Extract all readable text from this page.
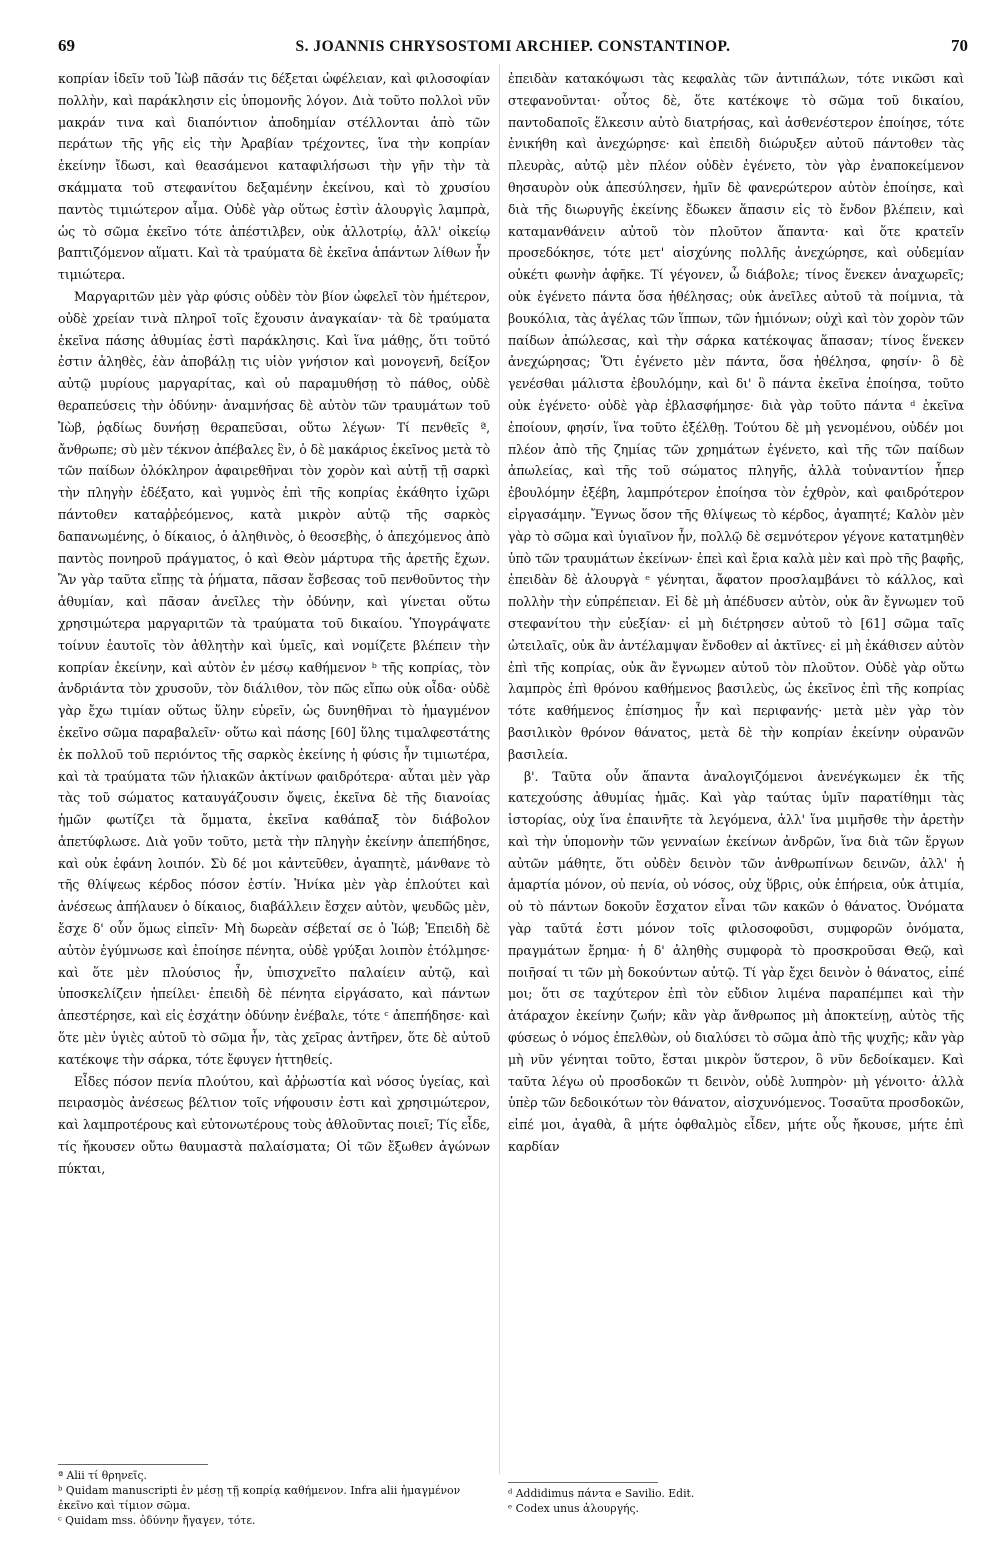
69	S. JOANNIS CHRYSOSTOMI ARCHIEP. CONSTANTINOP.	70

κοπρίαν ἰδεῖν τοῦ Ἰὼβ πᾶσάν τις δέξεται ὠφέλειαν, καὶ φιλοσοφίαν πολλὴν, καὶ παράκλησιν εἰς ὑπομονῆς λόγον. Διὰ τοῦτο πολλοὶ νῦν μακράν τινα καὶ διαπόντιον ἀποδημίαν στέλλονται ἀπὸ τῶν περάτων τῆς γῆς εἰς τὴν Ἀραβίαν τρέχοντες, ἵνα τὴν κοπρίαν ἐκείνην ἴδωσι, καὶ θεασάμενοι καταφιλήσωσι τὴν γῆν τὴν τὰ σκάμματα τοῦ στεφανίτου δεξαμένην ἐκείνου, καὶ τὸ χρυσίου παντὸς τιμιώτερον αἷμα. Οὐδὲ γὰρ οὕτως ἐστὶν ἁλουργὶς λαμπρὰ, ὡς τὸ σῶμα ἐκεῖνο τότε ἀπέστιλβεν, οὐκ ἀλλοτρίῳ, ἀλλ' οἰκείῳ βαπτιζόμενον αἵματι. Καὶ τὰ τραύματα δὲ ἐκεῖνα ἁπάντων λίθων ἦν τιμιώτερα.

Μαργαριτῶν μὲν γὰρ φύσις οὐδὲν τὸν βίον ὠφελεῖ τὸν ἡμέτερον, οὐδὲ χρείαν τινὰ πληροῖ τοῖς ἔχουσιν ἀναγκαίαν· τὰ δὲ τραύματα ἐκεῖνα πάσης ἀθυμίας ἐστὶ παράκλησις. Καὶ ἵνα μάθῃς, ὅτι τοῦτό ἐστιν ἀληθὲς, ἐὰν ἀποβάλῃ τις υἱὸν γνήσιον καὶ μονογενῆ, δείξον αὐτῷ μυρίους μαργαρίτας, καὶ οὐ παραμυθήσῃ τὸ πάθος, οὐδὲ θεραπεύσεις τὴν ὀδύνην· ἀναμνήσας δὲ αὐτὸν τῶν τραυμάτων τοῦ Ἰὼβ, ῥᾳδίως δυνήσῃ θεραπεῦσαι, οὕτω λέγων· Τί πενθεῖς ª, ἄνθρωπε; σὺ μὲν τέκνον ἀπέβαλες ἓν, ὁ δὲ μακάριος ἐκεῖνος μετὰ τὸ τῶν παίδων ὁλόκληρον ἀφαιρεθῆναι τὸν χορὸν καὶ αὐτῇ τῇ σαρκὶ τὴν πληγὴν ἐδέξατο, καὶ γυμνὸς ἐπὶ τῆς κοπρίας ἐκάθητο ἰχῶρι πάντοθεν καταῤῥεόμενος, κατὰ μικρὸν αὐτῷ τῆς σαρκὸς δαπανωμένης, ὁ δίκαιος, ὁ ἀληθινὸς, ὁ θεοσεβὴς, ὁ ἀπεχόμενος ἀπὸ παντὸς πονηροῦ πράγματος, ὁ καὶ Θεὸν μάρτυρα τῆς ἀρετῆς ἔχων. Ἂν γὰρ ταῦτα εἴπῃς τὰ ῥήματα, πᾶσαν ἔσβεσας τοῦ πενθοῦντος τὴν ἀθυμίαν, καὶ πᾶσαν ἀνεῖλες τὴν ὀδύνην, καὶ γίνεται οὕτω χρησιμώτερα μαργαριτῶν τὰ τραύματα τοῦ δικαίου. Ὑπογράψατε τοίνυν ἑαυτοῖς τὸν ἀθλητὴν καὶ ὑμεῖς, καὶ νομίζετε βλέπειν τὴν κοπρίαν ἐκείνην, καὶ αὐτὸν ἐν μέσῳ καθήμενον ᵇ τῆς κοπρίας, τὸν ἀνδριάντα τὸν χρυσοῦν, τὸν διάλιθον, τὸν πῶς εἴπω οὐκ οἶδα· οὐδὲ γὰρ ἔχω τιμίαν οὕτως ὕλην εὑρεῖν, ὡς δυνηθῆναι τὸ ἡμαγμένον ἐκεῖνο σῶμα παραβαλεῖν· οὕτω καὶ πάσης [60] ὕλης τιμαλφεστάτης ἐκ πολλοῦ τοῦ περιόντος τῆς σαρκὸς ἐκείνης ἡ φύσις ἦν τιμιωτέρα, καὶ τὰ τραύματα τῶν ἡλιακῶν ἀκτίνων φαιδρότερα· αὗται μὲν γὰρ τὰς τοῦ σώματος καταυγάζουσιν ὄψεις, ἐκεῖνα δὲ τῆς διανοίας ἡμῶν φωτίζει τὰ ὄμματα, ἐκεῖνα καθάπαξ τὸν διάβολον ἀπετύφλωσε. Διὰ γοῦν τοῦτο, μετὰ τὴν πληγὴν ἐκείνην ἀπεπήδησε, καὶ οὐκ ἐφάνη λοιπόν. Σὺ δέ μοι κἀντεῦθεν, ἀγαπητὲ, μάνθανε τὸ τῆς θλίψεως κέρδος πόσον ἐστίν. Ἡνίκα μὲν γὰρ ἐπλούτει καὶ ἀνέσεως ἀπήλαυεν ὁ δίκαιος, διαβάλλειν ἔσχεν αὐτὸν, ψευδῶς μὲν, ἔσχε δ' οὖν ὅμως εἰπεῖν· Μὴ δωρεὰν σέβεταί σε ὁ Ἰώβ; Ἐπειδὴ δὲ αὐτὸν ἐγύμνωσε καὶ ἐποίησε πένητα, οὐδὲ γρύξαι λοιπὸν ἐτόλμησε· καὶ ὅτε μὲν πλούσιος ἦν, ὑπισχνεῖτο παλαίειν αὐτῷ, καὶ ὑποσκελίζειν ἠπείλει· ἐπειδὴ δὲ πένητα εἰργάσατο, καὶ πάντων ἀπεστέρησε, καὶ εἰς ἐσχάτην ὀδύνην ἐνέβαλε, τότε ᶜ ἀπεπήδησε· καὶ ὅτε μὲν ὑγιὲς αὐτοῦ τὸ σῶμα ἦν, τὰς χεῖρας ἀντῆρεν, ὅτε δὲ αὐτοῦ κατέκοψε τὴν σάρκα, τότε ἔφυγεν ἡττηθείς.

Εἶδες πόσον πενία πλούτου, καὶ ἀῤῥωστία καὶ νόσος ὑγείας, καὶ πειρασμὸς ἀνέσεως βέλτιον τοῖς νήφουσιν ἐστι καὶ χρησιμώτερον, καὶ λαμπροτέρους καὶ εὐτονωτέρους τοὺς ἀθλοῦντας ποιεῖ; Τίς εἶδε, τίς ἤκουσεν οὕτω θαυμαστὰ παλαίσματα; Οἱ τῶν ἔξωθεν ἀγώνων πύκται,

ἐπειδὰν κατακόψωσι τὰς κεφαλὰς τῶν ἀντιπάλων, τότε νικῶσι καὶ στεφανοῦνται· οὗτος δὲ, ὅτε κατέκοψε τὸ σῶμα τοῦ δικαίου, παντοδαποῖς ἕλκεσιν αὐτὸ διατρήσας, καὶ ἀσθενέστερον ἐποίησε, τότε ἐνικήθη καὶ ἀνεχώρησε· καὶ ἐπειδὴ διώρυξεν αὐτοῦ πάντοθεν τὰς πλευρὰς, αὐτῷ μὲν πλέον οὐδὲν ἐγένετο, τὸν γὰρ ἐναποκείμενον θησαυρὸν οὐκ ἀπεσύλησεν, ἡμῖν δὲ φανερώτερον αὐτὸν ἐποίησε, καὶ διὰ τῆς διωρυγῆς ἐκείνης ἔδωκεν ἅπασιν εἰς τὸ ἔνδον βλέπειν, καὶ καταμανθάνειν αὐτοῦ τὸν πλοῦτον ἅπαντα· καὶ ὅτε κρατεῖν προσεδόκησε, τότε μετ' αἰσχύνης πολλῆς ἀνεχώρησε, καὶ οὐδεμίαν οὐκέτι φωνὴν ἀφῆκε. Τί γέγονεν, ὦ διάβολε; τίνος ἕνεκεν ἀναχωρεῖς; οὐκ ἐγένετο πάντα ὅσα ἠθέλησας; οὐκ ἀνεῖλες αὐτοῦ τὰ ποίμνια, τὰ βουκόλια, τὰς ἀγέλας τῶν ἵππων, τῶν ἡμιόνων; οὐχὶ καὶ τὸν χορὸν τῶν παίδων ἀπώλεσας, καὶ τὴν σάρκα κατέκοψας ἅπασαν; τίνος ἕνεκεν ἀνεχώρησας; Ὅτι ἐγένετο μὲν πάντα, ὅσα ἠθέλησα, φησίν· ὃ δὲ γενέσθαι μάλιστα ἐβουλόμην, καὶ δι' ὃ πάντα ἐκεῖνα ἐποίησα, τοῦτο οὐκ ἐγένετο· οὐδὲ γὰρ ἐβλασφήμησε· διὰ γὰρ τοῦτο πάντα ᵈ ἐκεῖνα ἐποίουν, φησίν, ἵνα τοῦτο ἐξέλθῃ. Τούτου δὲ μὴ γενομένου, οὐδέν μοι πλέον ἀπὸ τῆς ζημίας τῶν χρημάτων ἐγένετο, καὶ τῆς τῶν παίδων ἀπωλείας, καὶ τῆς τοῦ σώματος πληγῆς, ἀλλὰ τοὐναντίον ἧπερ ἐβουλόμην ἐξέβη, λαμπρότερον ἐποίησα τὸν ἐχθρὸν, καὶ φαιδρότερον εἰργασάμην. Ἔγνως ὅσον τῆς θλίψεως τὸ κέρδος, ἀγαπητέ; Καλὸν μὲν γὰρ τὸ σῶμα καὶ ὑγιαῖνον ἦν, πολλῷ δὲ σεμνότερον γέγονε κατατμηθὲν ὑπὸ τῶν τραυμάτων ἐκείνων· ἐπεὶ καὶ ἔρια καλὰ μὲν καὶ πρὸ τῆς βαφῆς, ἐπειδὰν δὲ ἁλουργὰ ᵉ γένηται, ἄφατον προσλαμβάνει τὸ κάλλος, καὶ πολλὴν τὴν εὐπρέπειαν. Εἰ δὲ μὴ ἀπέδυσεν αὐτὸν, οὐκ ἂν ἔγνωμεν τοῦ στεφανίτου τὴν εὐεξίαν· εἰ μὴ διέτρησεν αὐτοῦ τὸ [61] σῶμα ταῖς ὠτειλαῖς, οὐκ ἂν ἀντέλαμψαν ἔνδοθεν αἱ ἀκτῖνες· εἰ μὴ ἐκάθισεν αὐτὸν ἐπὶ τῆς κοπρίας, οὐκ ἂν ἔγνωμεν αὐτοῦ τὸν πλοῦτον. Οὐδὲ γὰρ οὕτω λαμπρὸς ἐπὶ θρόνου καθήμενος βασιλεὺς, ὡς ἐκεῖνος ἐπὶ τῆς κοπρίας τότε καθήμενος ἐπίσημος ἦν καὶ περιφανής· μετὰ μὲν γὰρ τὸν βασιλικὸν θρόνον θάνατος, μετὰ δὲ τὴν κοπρίαν ἐκείνην οὐρανῶν βασιλεία.

β'. Ταῦτα οὖν ἅπαντα ἀναλογιζόμενοι ἀνενέγκωμεν ἐκ τῆς κατεχούσης ἀθυμίας ἡμᾶς. Καὶ γὰρ ταύτας ὑμῖν παρατίθημι τὰς ἱστορίας, οὐχ ἵνα ἐπαινῆτε τὰ λεγόμενα, ἀλλ' ἵνα μιμῆσθε τὴν ἀρετὴν καὶ τὴν ὑπομονὴν τῶν γενναίων ἐκείνων ἀνδρῶν, ἵνα διὰ τῶν ἔργων αὐτῶν μάθητε, ὅτι οὐδὲν δεινὸν τῶν ἀνθρωπίνων δεινῶν, ἀλλ' ἡ ἁμαρτία μόνον, οὐ πενία, οὐ νόσος, οὐχ ὕβρις, οὐκ ἐπήρεια, οὐκ ἀτιμία, οὐ τὸ πάντων δοκοῦν ἔσχατον εἶναι τῶν κακῶν ὁ θάνατος. Ὀνόματα γὰρ ταῦτά ἐστι μόνον τοῖς φιλοσοφοῦσι, συμφορῶν ὀνόματα, πραγμάτων ἔρημα· ἡ δ' ἀληθὴς συμφορὰ τὸ προσκροῦσαι Θεῷ, καὶ ποιῆσαί τι τῶν μὴ δοκούντων αὐτῷ. Τί γὰρ ἔχει δεινὸν ὁ θάνατος, εἰπέ μοι; ὅτι σε ταχύτερον ἐπὶ τὸν εὔδιον λιμένα παραπέμπει καὶ τὴν ἀτάραχον ἐκείνην ζωήν; κἂν γὰρ ἄνθρωπος μὴ ἀποκτείνῃ, αὐτὸς τῆς φύσεως ὁ νόμος ἐπελθὼν, οὐ διαλύσει τὸ σῶμα ἀπὸ τῆς ψυχῆς; κἂν γὰρ μὴ νῦν γένηται τοῦτο, ἔσται μικρὸν ὕστερον, ὃ νῦν δεδοίκαμεν. Καὶ ταῦτα λέγω οὐ προσδοκῶν τι δεινὸν, οὐδὲ λυπηρὸν· μὴ γένοιτο· ἀλλὰ ὑπὲρ τῶν δεδοικότων τὸν θάνατον, αἰσχυνόμενος. Τοσαῦτα προσδοκῶν, εἰπέ μοι, ἀγαθὰ, ἃ μήτε ὀφθαλμὸς εἶδεν, μήτε οὖς ἤκουσε, μήτε ἐπὶ καρδίαν

ª Alii τί θρηνεῖς.

ᵇ Quidam manuscripti ἐν μέσῃ τῇ κοπρίᾳ καθήμενον. Infra alii ἡμαγμένον ἐκεῖνο καὶ τίμιον σῶμα.

ᶜ Quidam mss. ὀδύνην ἤγαγεν, τότε.

ᵈ Addidimus πάντα e Savilio. Edit.

ᵉ Codex unus ἁλουργής.
